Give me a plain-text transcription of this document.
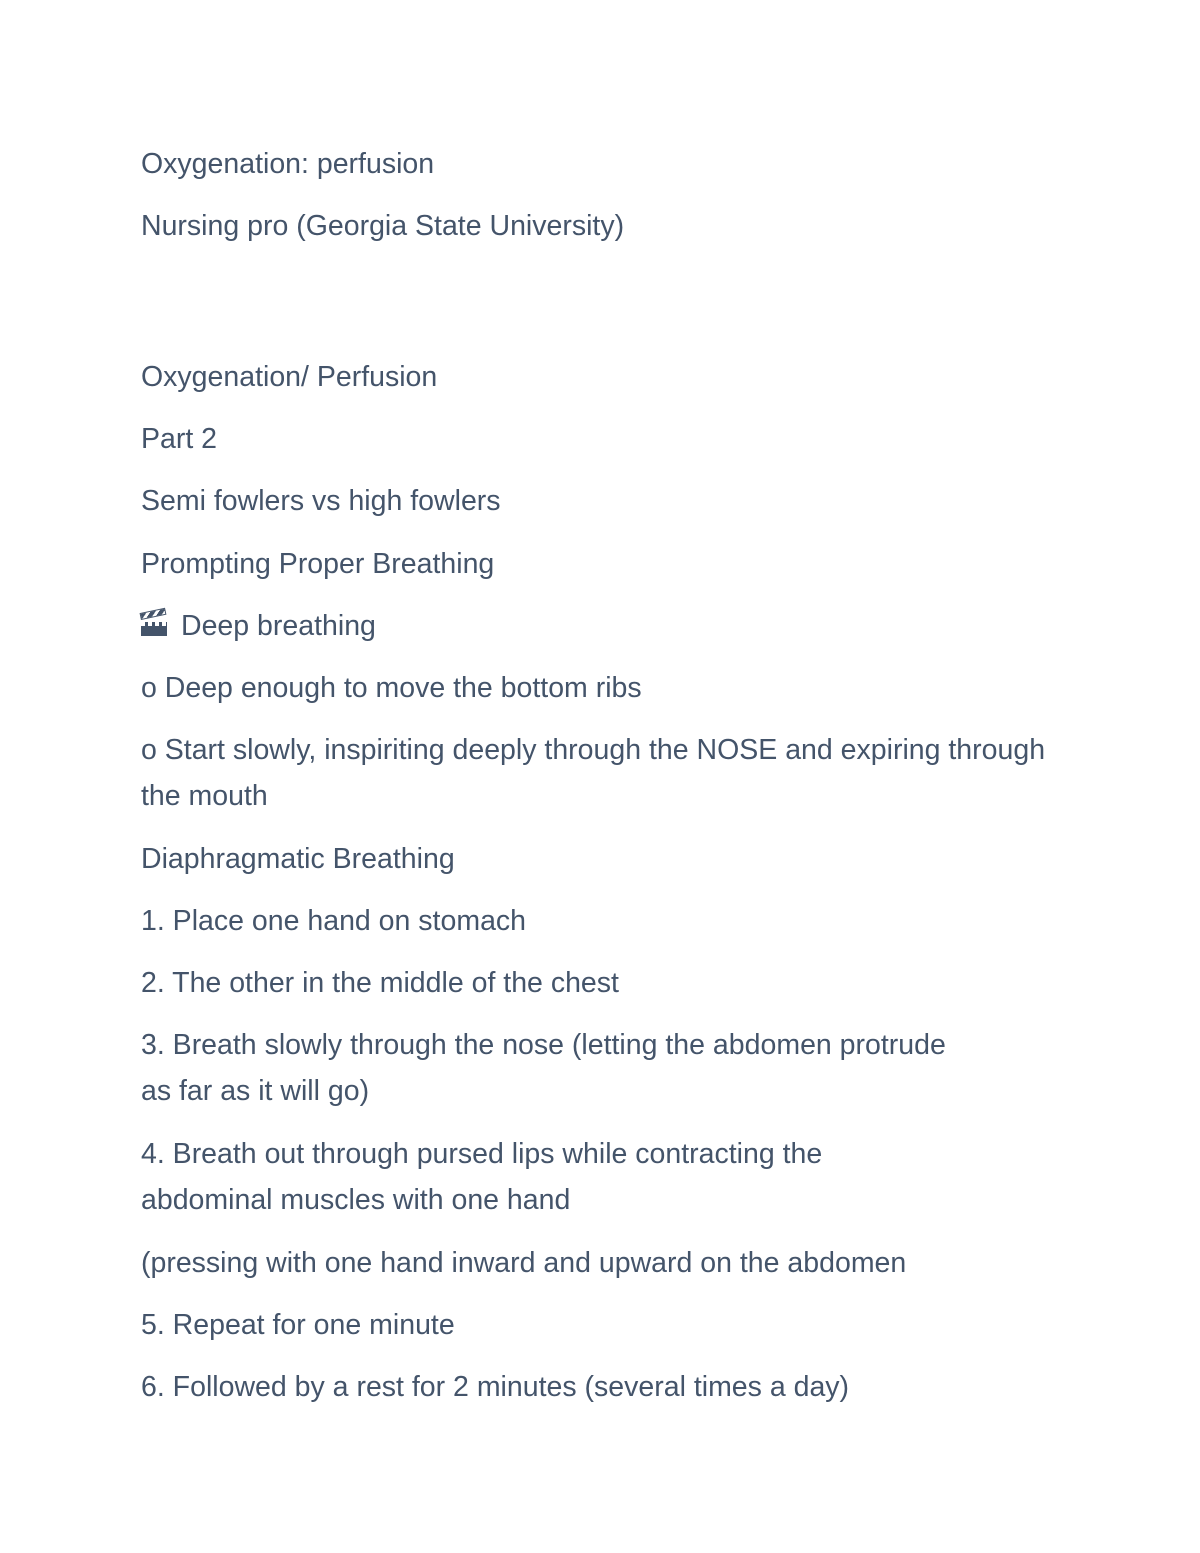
Oxygenation: perfusion
Nursing pro (Georgia State University)
Oxygenation/ Perfusion
Part 2
Semi fowlers vs high fowlers
Prompting Proper Breathing
Deep breathing
o Deep enough to move the bottom ribs
o Start slowly, inspiriting deeply through the NOSE and expiring through the mouth
Diaphragmatic Breathing
1. Place one hand on stomach
2. The other in the middle of the chest
3. Breath slowly through the nose (letting the abdomen protrude as far as it will go)
4. Breath out through pursed lips while contracting the abdominal muscles with one hand
(pressing with one hand inward and upward on the abdomen
5. Repeat for one minute
6. Followed by a rest for 2 minutes (several times a day)
